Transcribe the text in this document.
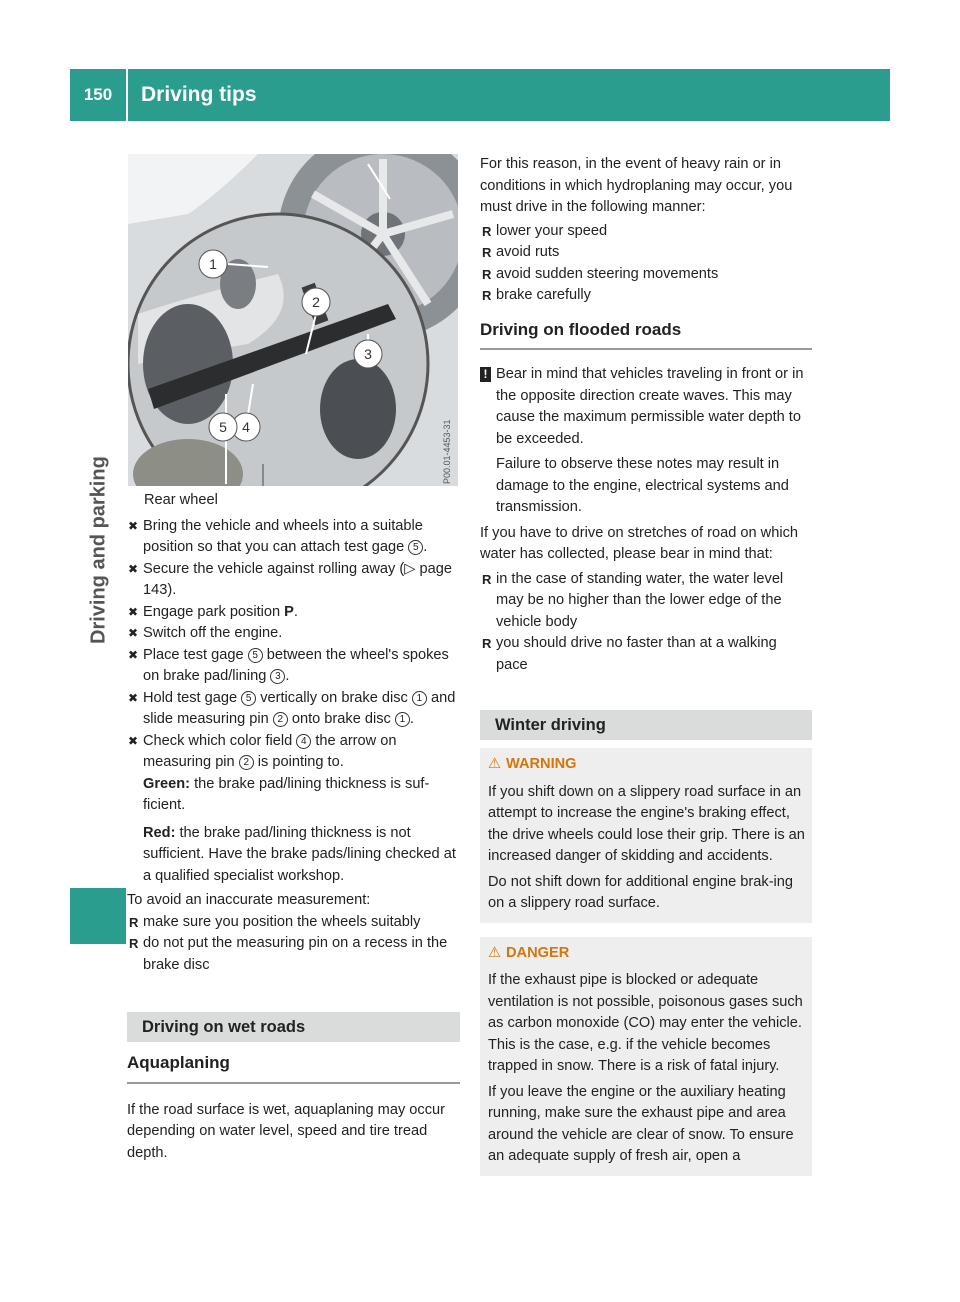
150	Driving tips
Driving and parking
1
2
3
4
5	P00.01-4453-31

Rear wheel

✖ Bring the vehicle and wheels into a suitable position so that you can attach test gage 5 .

✖ Secure the vehicle against rolling away (▷ page 143).

✖ Engage park position P.

✖ Switch off the engine.

✖ Place test gage 5 between the wheel's spokes on brake pad/lining 3 .

✖ Hold test gage 5 vertically on brake disc 1 and slide measuring pin 2 onto brake disc 1 .

✖ Check which color field 4 the arrow on measuring pin 2 is pointing to.
Green: the brake pad/lining thickness is suf-ficient.

Red: the brake pad/lining thickness is not sufficient. Have the brake pads/lining checked at a qualified specialist workshop.

To avoid an inaccurate measurement:

R make sure you position the wheels suitably

R do not put the measuring pin on a recess in the brake disc

Driving on wet roads
Aquaplaning

If the road surface is wet, aquaplaning may occur depending on water level, speed and tire tread depth.

For this reason, in the event of heavy rain or in conditions in which hydroplaning may occur, you must drive in the following manner:

R lower your speed

R avoid ruts

R avoid sudden steering movements

R brake carefully

Driving on flooded roads
! Bear in mind that vehicles traveling in front or in the opposite direction create waves. This may cause the maximum permissible water depth to be exceeded.

Failure to observe these notes may result in damage to the engine, electrical systems and transmission.

If you have to drive on stretches of road on which water has collected, please bear in mind that:

R in the case of standing water, the water level may be no higher than the lower edge of the vehicle body

R you should drive no faster than at a walking pace

Winter driving

⚠ WARNING

If you shift down on a slippery road surface in an attempt to increase the engine's braking effect, the drive wheels could lose their grip. There is an increased danger of skidding and accidents.

Do not shift down for additional engine brak-ing on a slippery road surface.

⚠ DANGER

If the exhaust pipe is blocked or adequate ventilation is not possible, poisonous gases such as carbon monoxide (CO) may enter the vehicle. This is the case, e.g. if the vehicle becomes trapped in snow. There is a risk of fatal injury.

If you leave the engine or the auxiliary heating running, make sure the exhaust pipe and area around the vehicle are clear of snow. To ensure an adequate supply of fresh air, open a
